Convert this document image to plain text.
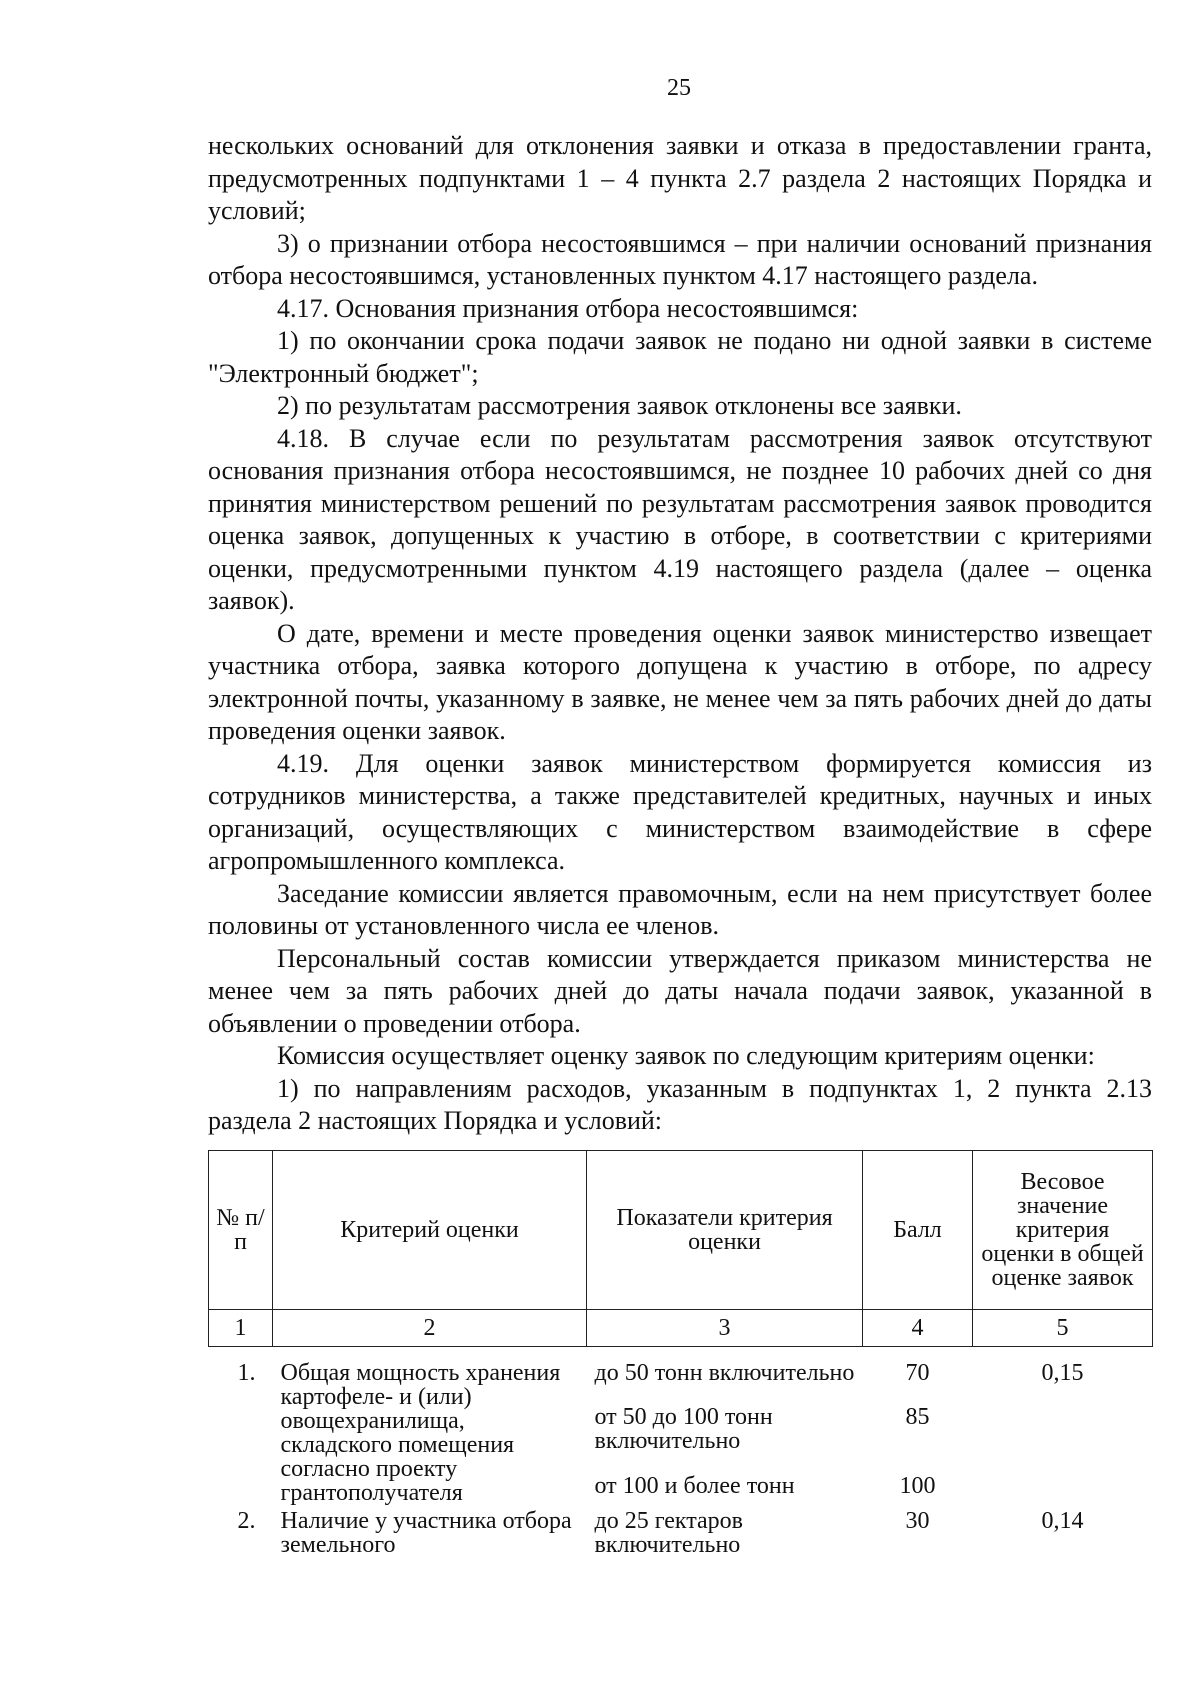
25

нескольких оснований для отклонения заявки и отказа в предоставлении гранта, предусмотренных подпунктами 1 – 4 пункта 2.7 раздела 2 настоящих Порядка и условий;

3) о признании отбора несостоявшимся – при наличии оснований признания отбора несостоявшимся, установленных пунктом 4.17 настоящего раздела.

4.17. Основания признания отбора несостоявшимся:

1) по окончании срока подачи заявок не подано ни одной заявки в системе "Электронный бюджет";

2) по результатам рассмотрения заявок отклонены все заявки.

4.18. В случае если по результатам рассмотрения заявок отсутствуют основания признания отбора несостоявшимся, не позднее 10 рабочих дней со дня принятия министерством решений по результатам рассмотрения заявок проводится оценка заявок, допущенных к участию в отборе, в соответствии с критериями оценки, предусмотренными пунктом 4.19 настоящего раздела (далее – оценка заявок).

О дате, времени и месте проведения оценки заявок министерство извещает участника отбора, заявка которого допущена к участию в отборе, по адресу электронной почты, указанному в заявке, не менее чем за пять рабочих дней до даты проведения оценки заявок.

4.19. Для оценки заявок министерством формируется комиссия из сотрудников министерства, а также представителей кредитных, научных и иных организаций, осуществляющих с министерством взаимодействие в сфере агропромышленного комплекса.

Заседание комиссии является правомочным, если на нем присутствует более половины от установленного числа ее членов.

Персональный состав комиссии утверждается приказом министерства не менее чем за пять рабочих дней до даты начала подачи заявок, указанной в объявлении о проведении отбора.

Комиссия осуществляет оценку заявок по следующим критериям оценки:

1) по направлениям расходов, указанным в подпунктах 1, 2 пункта 2.13 раздела 2 настоящих Порядка и условий:

№ п/п	Критерий оценки	Показатели критерия оценки	Балл	Весовое значение критерия оценки в общей оценке заявок
1	2	3	4	5
1.	Общая мощность хранения картофеле- и (или) овощехранилища, складского помещения согласно проекту грантополучателя	до 50 тонн включительно	70	0,15
		от 50 до 100 тонн включительно	85	
		от 100 и более тонн	100	
2.	Наличие у участника отбора земельного	до 25 гектаров включительно	30	0,14
